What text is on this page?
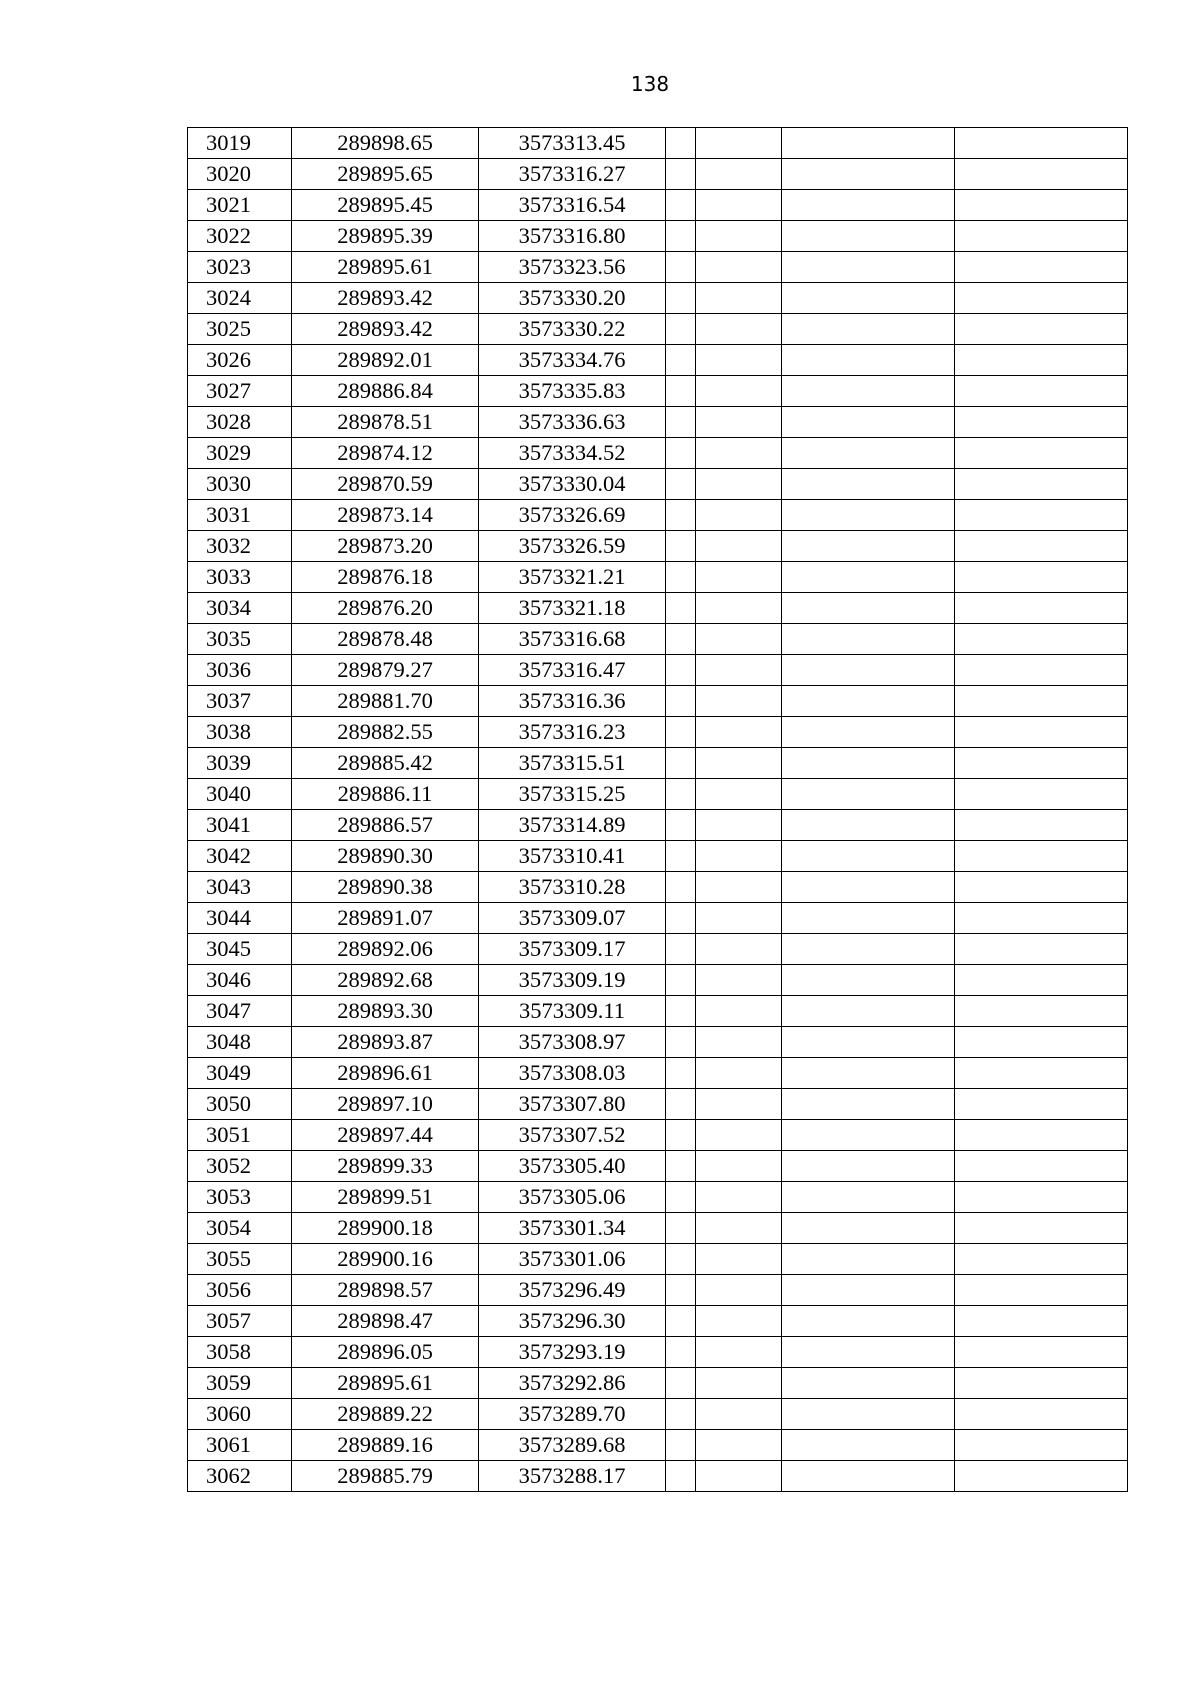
138
3019	289898.65	3573313.45				
3020	289895.65	3573316.27				
3021	289895.45	3573316.54				
3022	289895.39	3573316.80				
3023	289895.61	3573323.56				
3024	289893.42	3573330.20				
3025	289893.42	3573330.22				
3026	289892.01	3573334.76				
3027	289886.84	3573335.83				
3028	289878.51	3573336.63				
3029	289874.12	3573334.52				
3030	289870.59	3573330.04				
3031	289873.14	3573326.69				
3032	289873.20	3573326.59				
3033	289876.18	3573321.21				
3034	289876.20	3573321.18				
3035	289878.48	3573316.68				
3036	289879.27	3573316.47				
3037	289881.70	3573316.36				
3038	289882.55	3573316.23				
3039	289885.42	3573315.51				
3040	289886.11	3573315.25				
3041	289886.57	3573314.89				
3042	289890.30	3573310.41				
3043	289890.38	3573310.28				
3044	289891.07	3573309.07				
3045	289892.06	3573309.17				
3046	289892.68	3573309.19				
3047	289893.30	3573309.11				
3048	289893.87	3573308.97				
3049	289896.61	3573308.03				
3050	289897.10	3573307.80				
3051	289897.44	3573307.52				
3052	289899.33	3573305.40				
3053	289899.51	3573305.06				
3054	289900.18	3573301.34				
3055	289900.16	3573301.06				
3056	289898.57	3573296.49				
3057	289898.47	3573296.30				
3058	289896.05	3573293.19				
3059	289895.61	3573292.86				
3060	289889.22	3573289.70				
3061	289889.16	3573289.68				
3062	289885.79	3573288.17				
